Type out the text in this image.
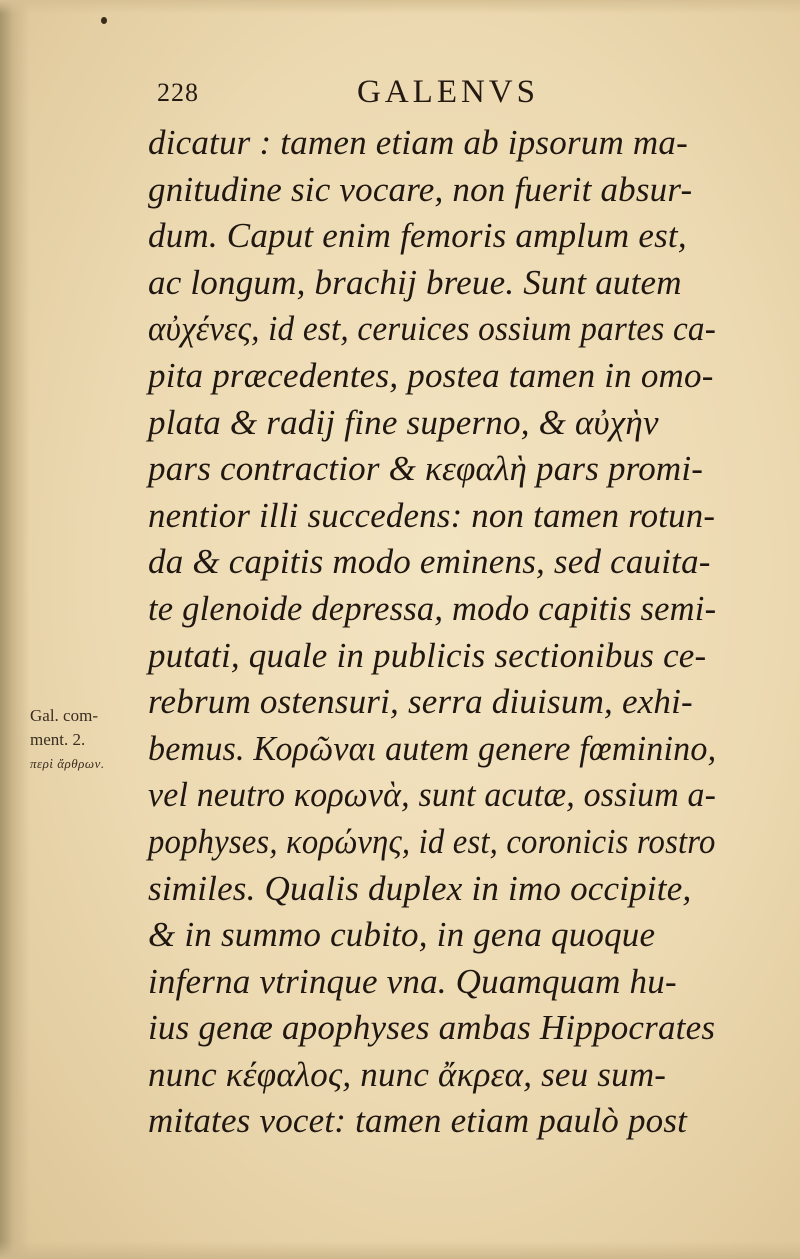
228	GALENVS
Gal. com-
ment. 2.
περὶ ἄρθρων.
dicatur : tamen etiam ab ipsorum ma-
gnitudine sic vocare, non fuerit absur-
dum. Caput enim femoris amplum est,
ac longum, brachij breue. Sunt autem
αὐχένες, id est, ceruices ossium partes ca-
pita præcedentes, postea tamen in omo-
plata & radij fine superno, & αὐχὴν
pars contractior & κεφαλὴ pars promi-
nentior illi succedens: non tamen rotun-
da & capitis modo eminens, sed cauita-
te glenoide depressa, modo capitis semi-
putati, quale in publicis sectionibus ce-
rebrum ostensuri, serra diuisum, exhi-
bemus. Κορῶναι autem genere fœminino,
vel neutro κορωνὰ, sunt acutæ, ossium a-
pophyses, κορώνης, id est, coronicis rostro
similes. Qualis duplex in imo occipite,
& in summo cubito, in gena quoque
inferna vtrinque vna. Quamquam hu-
ius genæ apophyses ambas Hippocrates
nunc κέφαλος, nunc ἄκρεα, seu sum-
mitates vocet: tamen etiam paulò post
